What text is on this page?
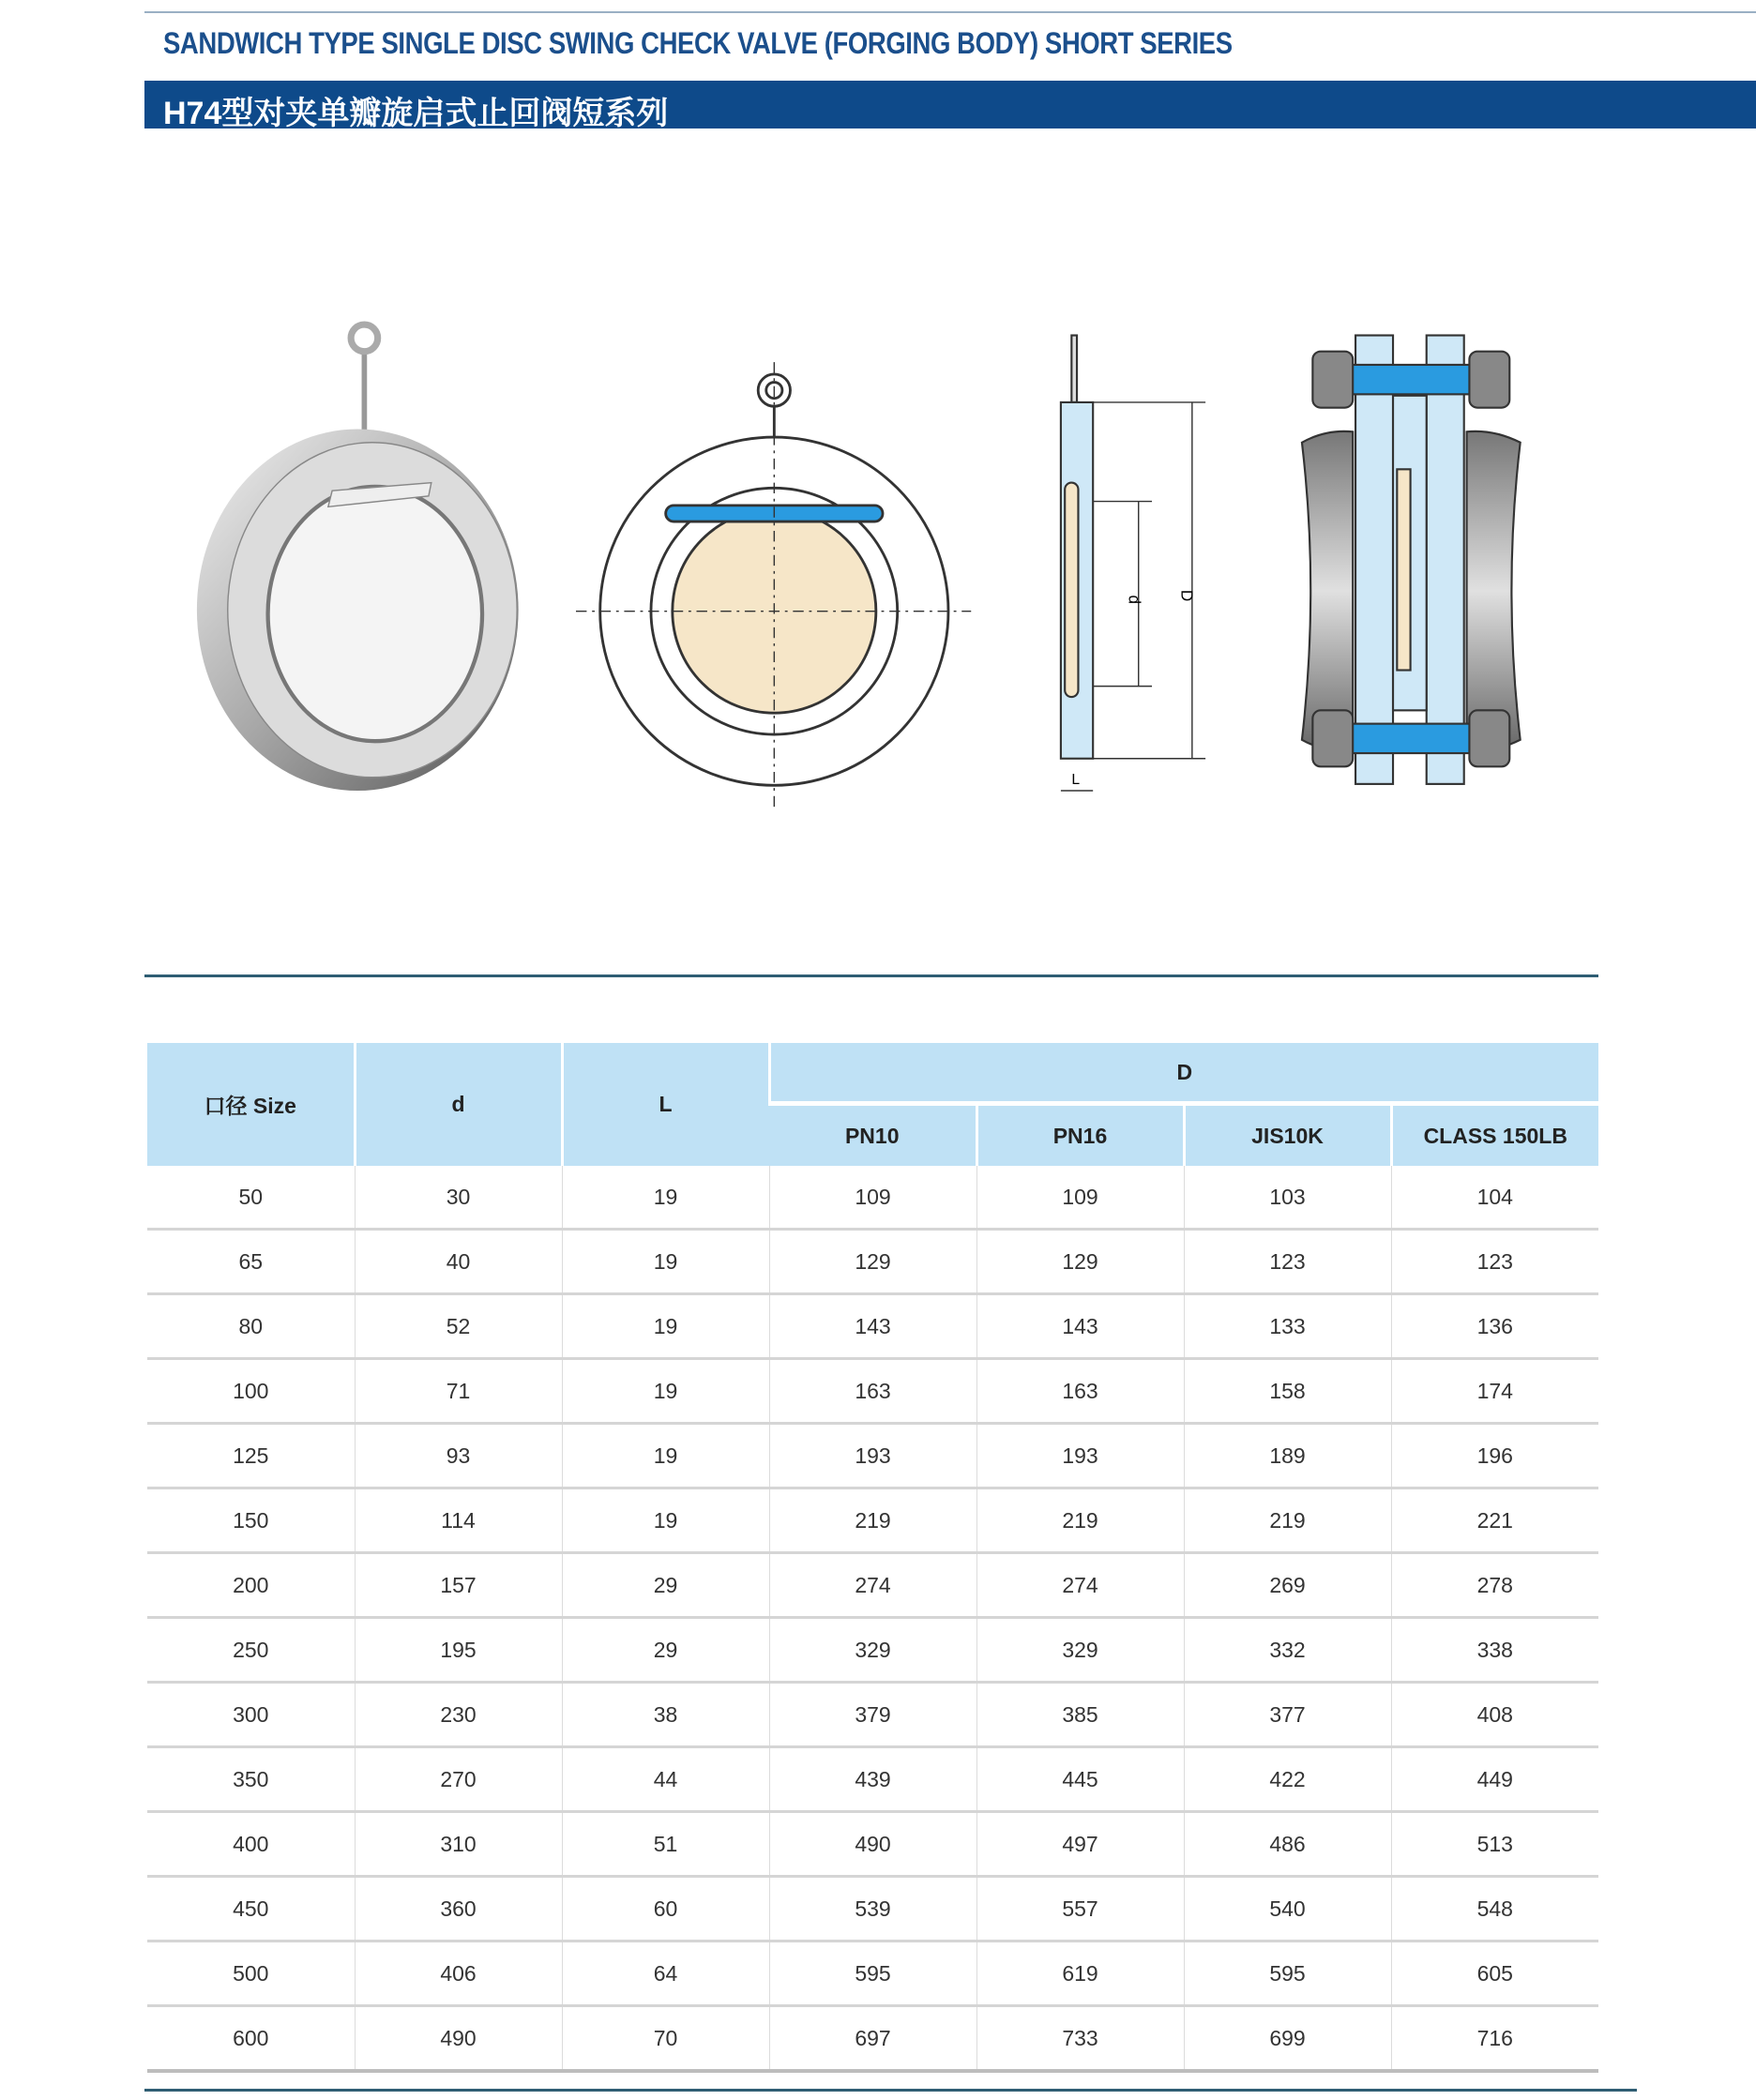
SANDWICH TYPE SINGLE DISC SWING CHECK VALVE (FORGING BODY) SHORT SERIES
H74型对夹单瓣旋启式止回阀短系列
d	D
L
口径 Size	d	L	D			
			PN10	PN16	JIS10K	CLASS 150LB
50	30	19	109	109	103	104
65	40	19	129	129	123	123
80	52	19	143	143	133	136
100	71	19	163	163	158	174
125	93	19	193	193	189	196
150	114	19	219	219	219	221
200	157	29	274	274	269	278
250	195	29	329	329	332	338
300	230	38	379	385	377	408
350	270	44	439	445	422	449
400	310	51	490	497	486	513
450	360	60	539	557	540	548
500	406	64	595	619	595	605
600	490	70	697	733	699	716
